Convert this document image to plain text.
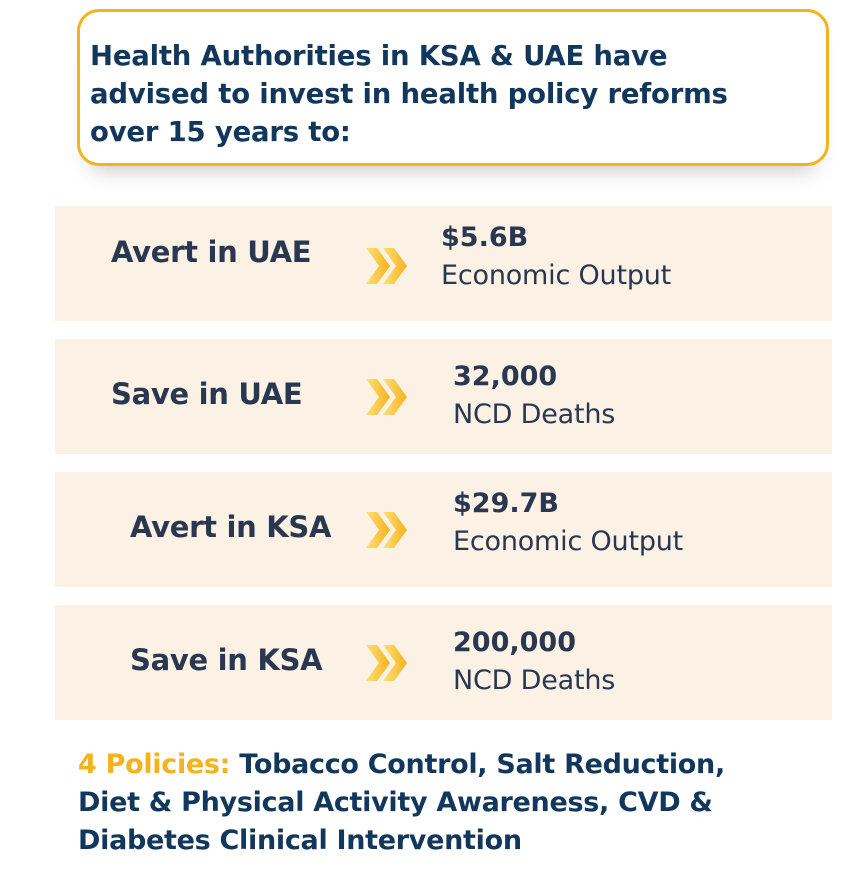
Health Authorities in KSA & UAE have
advised to invest in health policy reforms
over 15 years to:

Avert in UAE	$5.6B
Economic Output
Save in UAE
32,000
NCD Deaths
Avert in KSA
$29.7B
Economic Output
Save in KSA
200,000
NCD Deaths

4 Policies: Tobacco Control, Salt Reduction,
Diet & Physical Activity Awareness, CVD &
Diabetes Clinical Intervention
